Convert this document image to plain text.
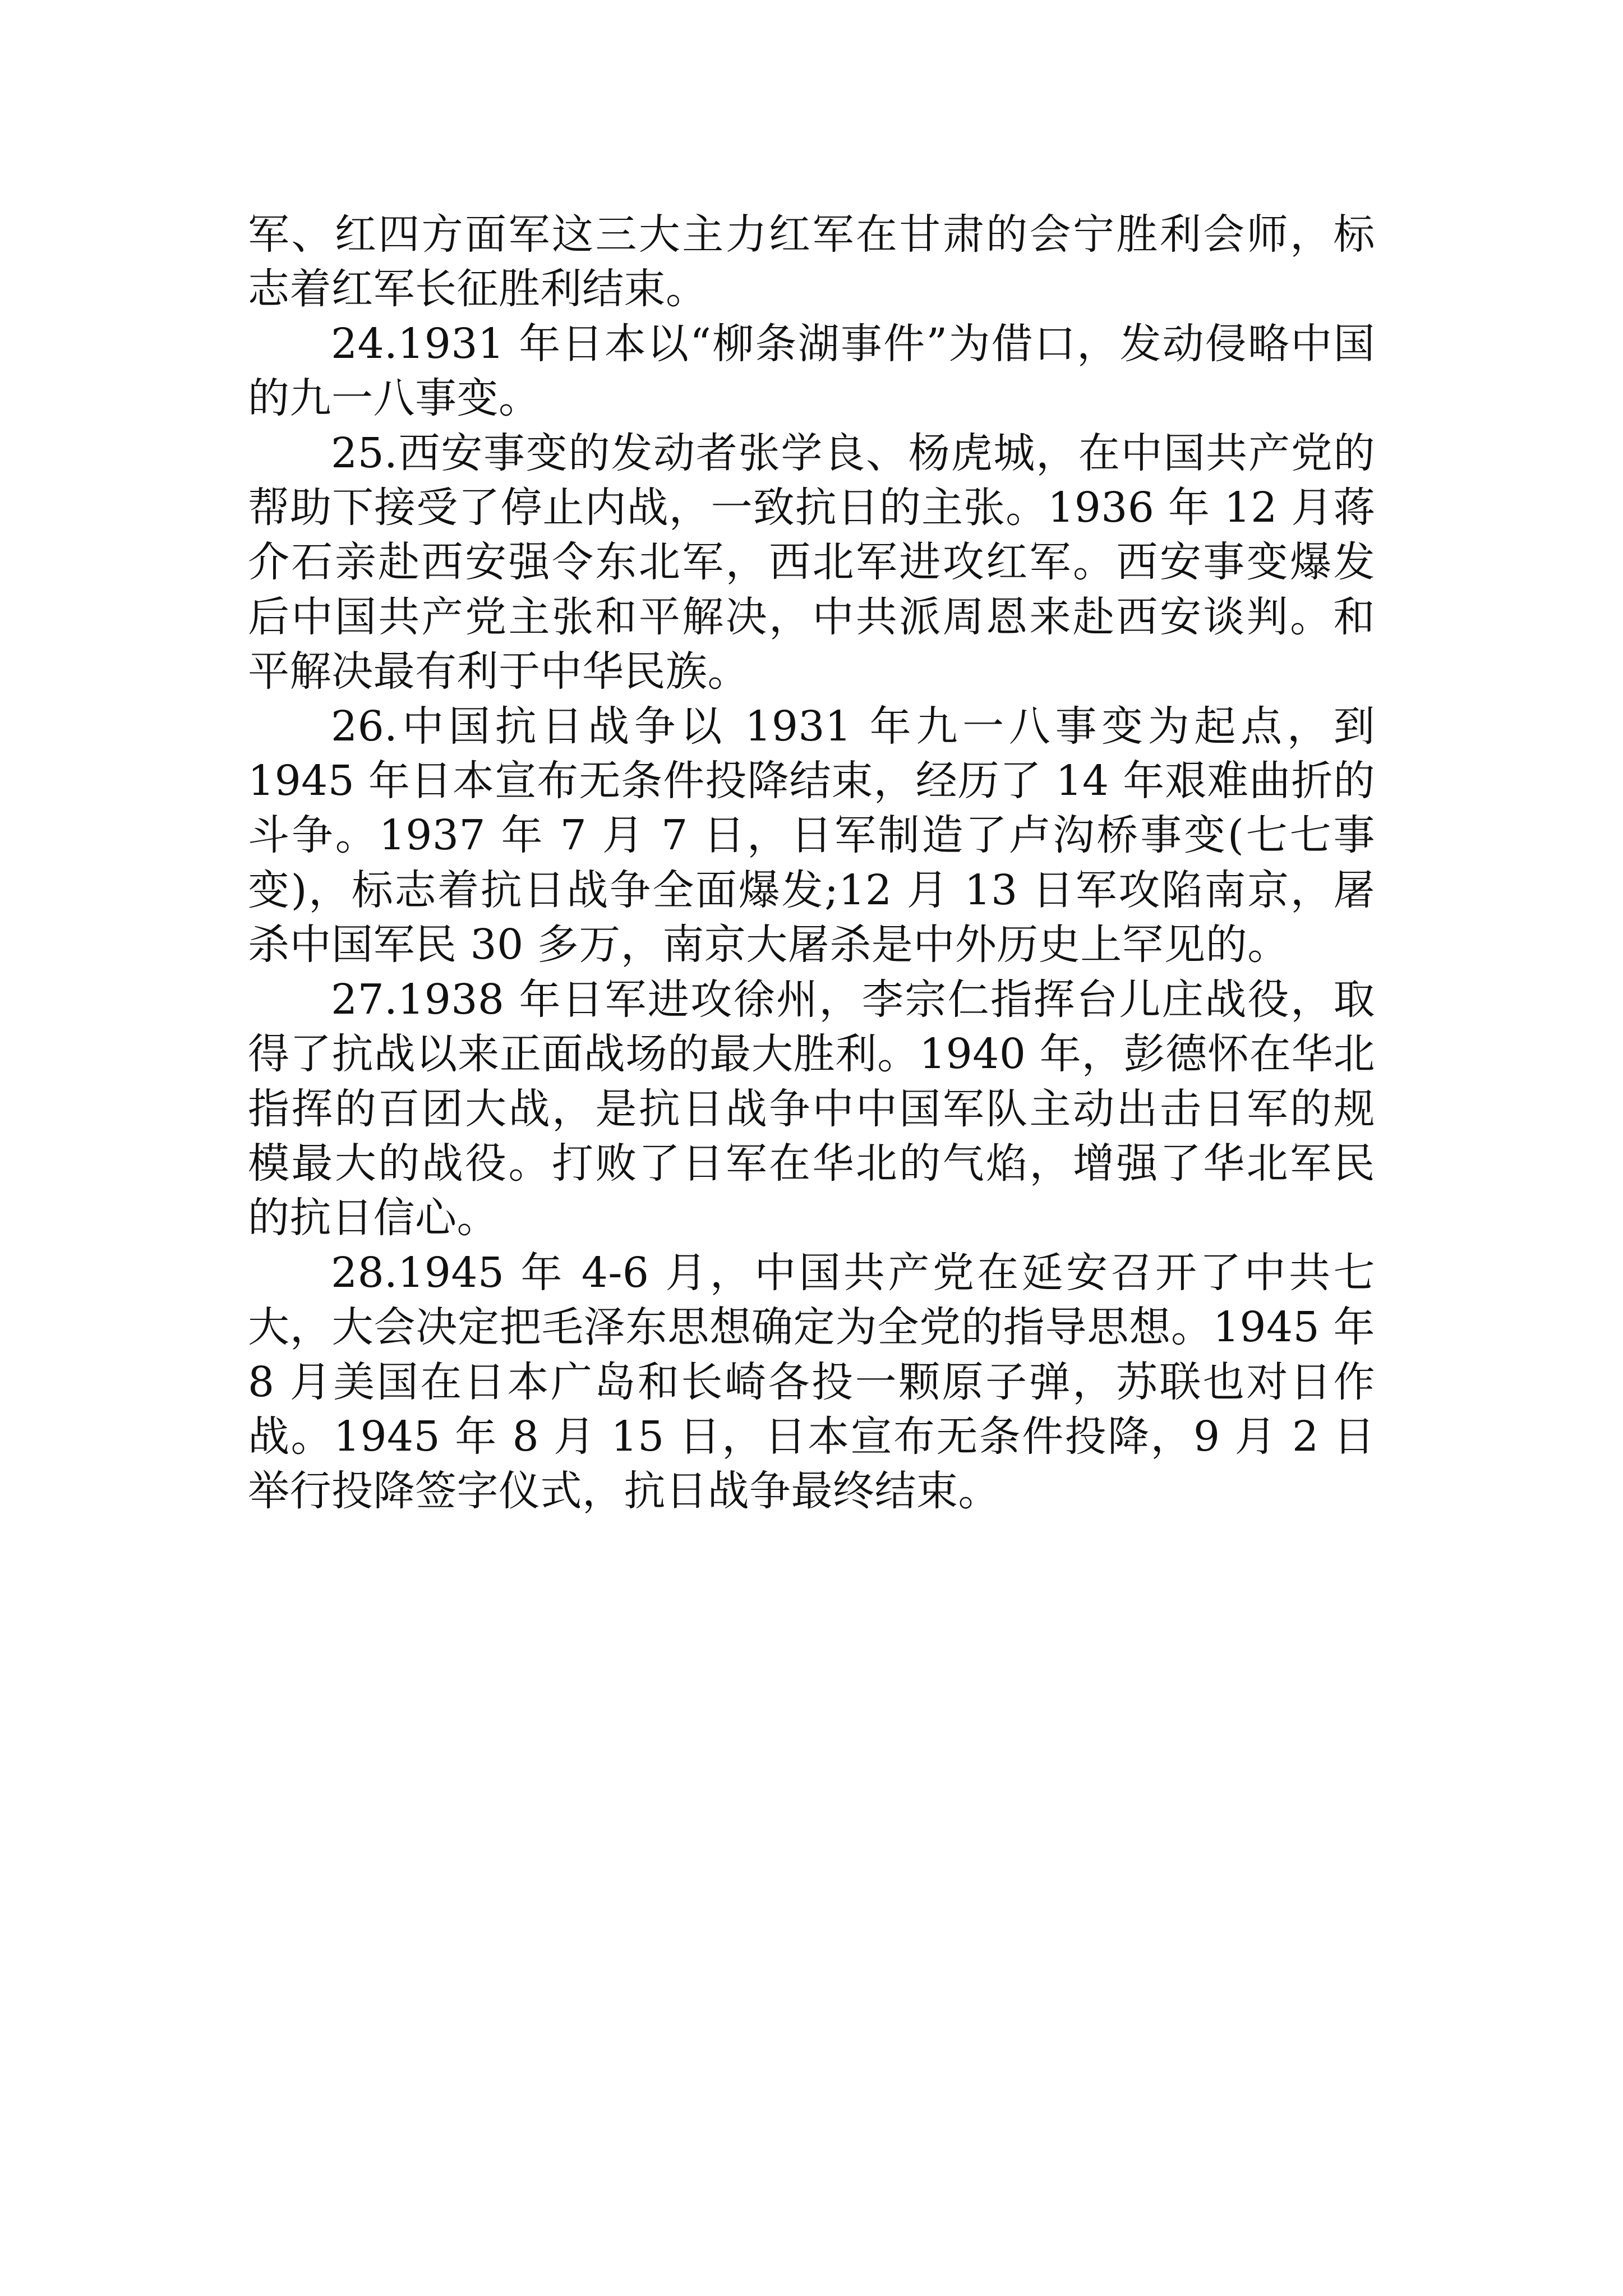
军、红四方面军这三大主力红军在甘肃的会宁胜利会师，标志着红军长征胜利结束。

24.1931 年日本以“柳条湖事件”为借口，发动侵略中国的九一八事变。

25.西安事变的发动者张学良、杨虎城，在中国共产党的帮助下接受了停止内战，一致抗日的主张。1936 年 12 月蒋介石亲赴西安强令东北军，西北军进攻红军。西安事变爆发后中国共产党主张和平解决，中共派周恩来赴西安谈判。和平解决最有利于中华民族。

26.中国抗日战争以 1931 年九一八事变为起点，到 1945 年日本宣布无条件投降结束，经历了 14 年艰难曲折的斗争。1937 年 7 月 7 日，日军制造了卢沟桥事变(七七事变)，标志着抗日战争全面爆发;12 月 13 日军攻陷南京，屠杀中国军民 30 多万，南京大屠杀是中外历史上罕见的。

27.1938 年日军进攻徐州，李宗仁指挥台儿庄战役，取得了抗战以来正面战场的最大胜利。1940 年，彭德怀在华北指挥的百团大战，是抗日战争中中国军队主动出击日军的规模最大的战役。打败了日军在华北的气焰，增强了华北军民的抗日信心。

28.1945 年 4-6 月，中国共产党在延安召开了中共七大，大会决定把毛泽东思想确定为全党的指导思想。1945 年 8 月美国在日本广岛和长崎各投一颗原子弹，苏联也对日作战。1945 年 8 月 15 日，日本宣布无条件投降，9 月 2 日举行投降签字仪式，抗日战争最终结束。
